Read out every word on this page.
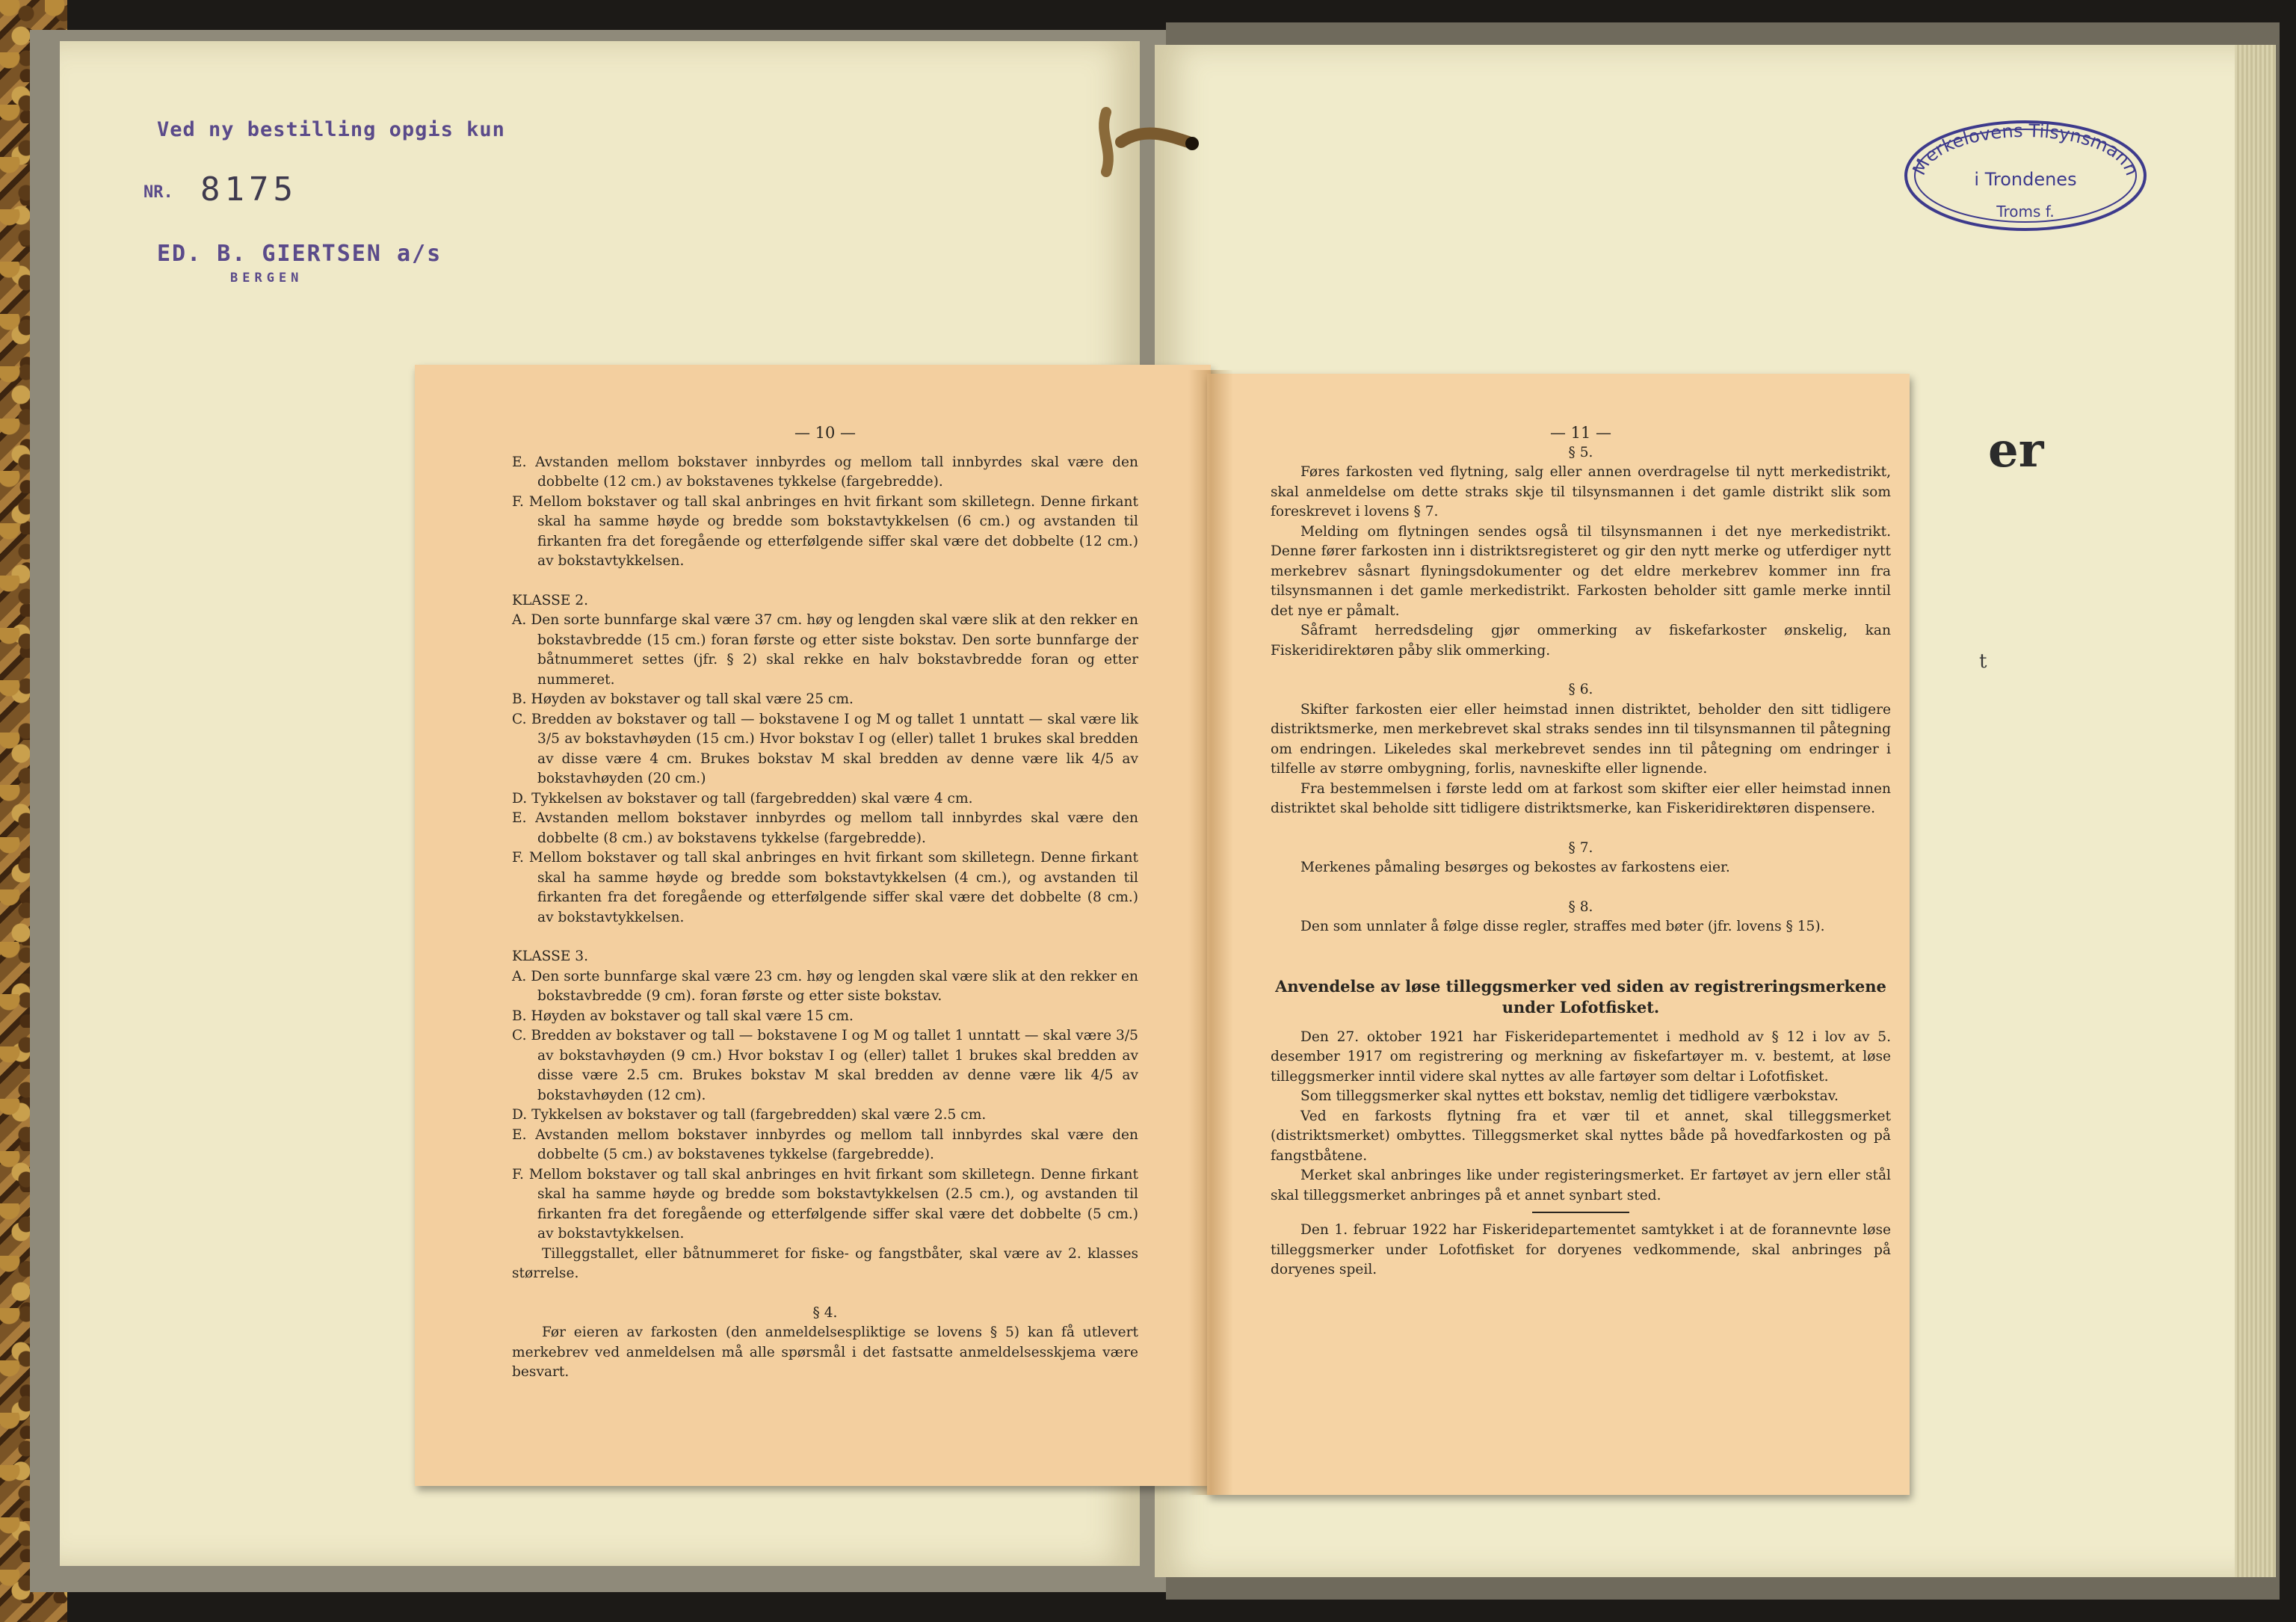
Ved ny bestilling opgis kun
NR. 8175
ED. B. GIERTSEN a/s
BERGEN
Merkelovens Tilsynsmann
i Trondenes
Troms f.
er
t
— 10 —

E. Avstanden mellom bokstaver innbyrdes og mellom tall innbyrdes skal være den dobbelte (12 cm.) av bokstavenes tykkelse (fargebredde).

F. Mellom bokstaver og tall skal anbringes en hvit firkant som skilletegn. Denne firkant skal ha samme høyde og bredde som bokstavtykkelsen (6 cm.) og avstanden til firkanten fra det foregående og etterfølgende siffer skal være det dobbelte (12 cm.) av bokstavtykkelsen.

KLASSE 2.

A. Den sorte bunnfarge skal være 37 cm. høy og lengden skal være slik at den rekker en bokstavbredde (15 cm.) foran første og etter siste bokstav. Den sorte bunnfarge der båtnummeret settes (jfr. § 2) skal rekke en halv bokstavbredde foran og etter nummeret.

B. Høyden av bokstaver og tall skal være 25 cm.

C. Bredden av bokstaver og tall — bokstavene I og M og tallet 1 unntatt — skal være lik 3/5 av bokstavhøyden (15 cm.) Hvor bokstav I og (eller) tallet 1 brukes skal bredden av disse være 4 cm. Brukes bokstav M skal bredden av denne være lik 4/5 av bokstavhøyden (20 cm.)

D. Tykkelsen av bokstaver og tall (fargebredden) skal være 4 cm.

E. Avstanden mellom bokstaver innbyrdes og mellom tall innbyrdes skal være den dobbelte (8 cm.) av bokstavens tykkelse (fargebredde).

F. Mellom bokstaver og tall skal anbringes en hvit firkant som skilletegn. Denne firkant skal ha samme høyde og bredde som bokstavtykkelsen (4 cm.), og avstanden til firkanten fra det foregående og etterfølgende siffer skal være det dobbelte (8 cm.) av bokstavtykkelsen.

KLASSE 3.

A. Den sorte bunnfarge skal være 23 cm. høy og lengden skal være slik at den rekker en bokstavbredde (9 cm). foran første og etter siste bokstav.

B. Høyden av bokstaver og tall skal være 15 cm.

C. Bredden av bokstaver og tall — bokstavene I og M og tallet 1 unntatt — skal være 3/5 av bokstavhøyden (9 cm.) Hvor bokstav I og (eller) tallet 1 brukes skal bredden av disse være 2.5 cm. Brukes bokstav M skal bredden av denne være lik 4/5 av bokstavhøyden (12 cm).

D. Tykkelsen av bokstaver og tall (fargebredden) skal være 2.5 cm.

E. Avstanden mellom bokstaver innbyrdes og mellom tall innbyrdes skal være den dobbelte (5 cm.) av bokstavenes tykkelse (fargebredde).

F. Mellom bokstaver og tall skal anbringes en hvit firkant som skilletegn. Denne firkant skal ha samme høyde og bredde som bokstavtykkelsen (2.5 cm.), og avstanden til firkanten fra det foregående og etterfølgende siffer skal være det dobbelte (5 cm.) av bokstavtykkelsen.

Tilleggstallet, eller båtnummeret for fiske- og fangstbåter, skal være av 2. klasses størrelse.

§ 4.

Før eieren av farkosten (den anmeldelsespliktige se lovens § 5) kan få utlevert merkebrev ved anmeldelsen må alle spørsmål i det fastsatte anmeldelsesskjema være besvart.

— 11 —

§ 5.

Føres farkosten ved flytning, salg eller annen overdragelse til nytt merkedistrikt, skal anmeldelse om dette straks skje til tilsynsmannen i det gamle distrikt slik som foreskrevet i lovens § 7.

Melding om flytningen sendes også til tilsynsmannen i det nye merkedistrikt. Denne fører farkosten inn i distriktsregisteret og gir den nytt merke og utferdiger nytt merkebrev såsnart flyningsdokumenter og det eldre merkebrev kommer inn fra tilsynsmannen i det gamle merkedistrikt. Farkosten beholder sitt gamle merke inntil det nye er påmalt.

Såframt herredsdeling gjør ommerking av fiskefarkoster ønskelig, kan Fiskeridirektøren påby slik ommerking.

§ 6.

Skifter farkosten eier eller heimstad innen distriktet, beholder den sitt tidligere distriktsmerke, men merkebrevet skal straks sendes inn til tilsynsmannen til påtegning om endringen. Likeledes skal merkebrevet sendes inn til påtegning om endringer i tilfelle av større ombygning, forlis, navneskifte eller lignende.

Fra bestemmelsen i første ledd om at farkost som skifter eier eller heimstad innen distriktet skal beholde sitt tidligere distriktsmerke, kan Fiskeridirektøren dispensere.

§ 7.

Merkenes påmaling besørges og bekostes av farkostens eier.

§ 8.

Den som unnlater å følge disse regler, straffes med bøter (jfr. lovens § 15).

Anvendelse av løse tilleggsmerker ved siden av registreringsmerkene
under Lofotfisket.

Den 27. oktober 1921 har Fiskeridepartementet i medhold av § 12 i lov av 5. desember 1917 om registrering og merkning av fiskefartøyer m. v. bestemt, at løse tilleggsmerker inntil videre skal nyttes av alle fartøyer som deltar i Lofotfisket.

Som tilleggsmerker skal nyttes ett bokstav, nemlig det tidligere værbokstav.

Ved en farkosts flytning fra et vær til et annet, skal tilleggsmerket (distriktsmerket) ombyttes. Tilleggsmerket skal nyttes både på hovedfarkosten og på fangstbåtene.

Merket skal anbringes like under registeringsmerket. Er fartøyet av jern eller stål skal tilleggsmerket anbringes på et annet synbart sted.

Den 1. februar 1922 har Fiskeridepartementet samtykket i at de forannevnte løse tilleggsmerker under Lofotfisket for doryenes vedkommende, skal anbringes på doryenes speil.
